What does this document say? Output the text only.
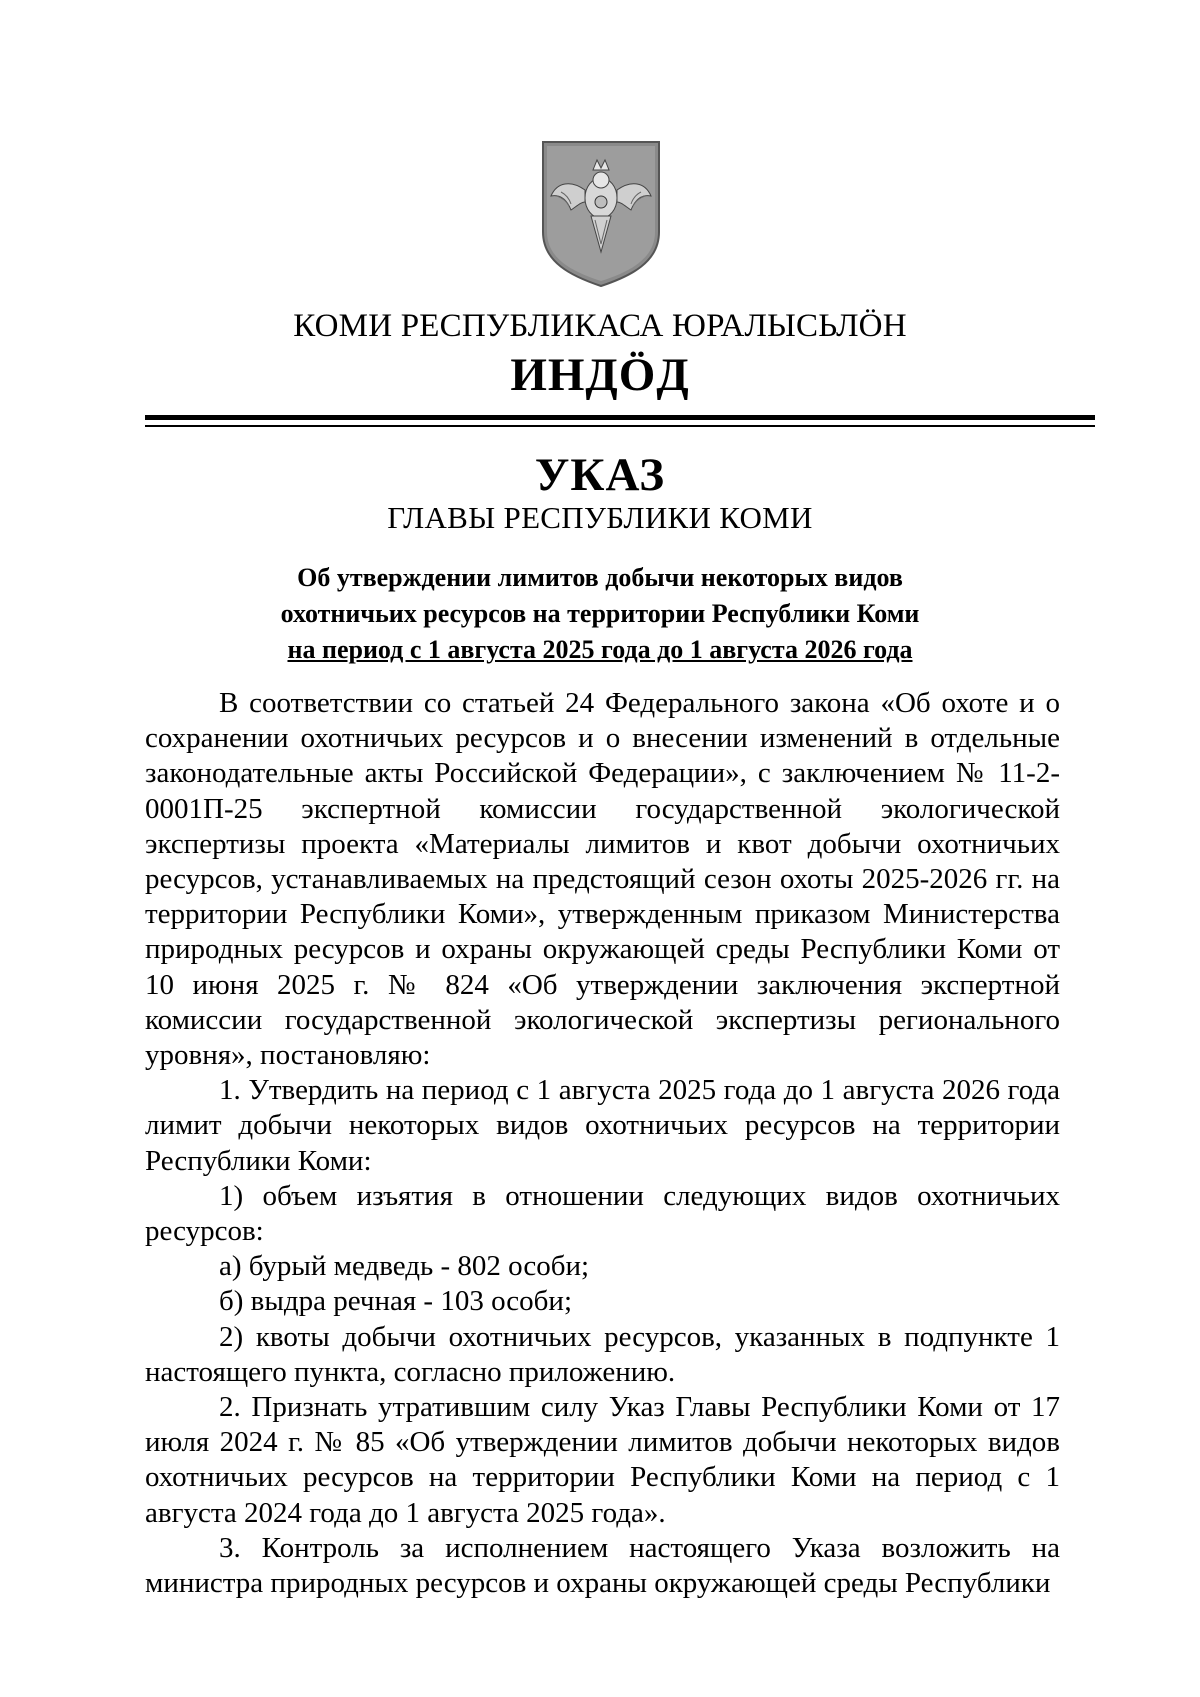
КОМИ РЕСПУБЛИКАСА ЮРАЛЫСЬЛӦН
ИНДӦД
УКАЗ
ГЛАВЫ РЕСПУБЛИКИ КОМИ
Об утверждении лимитов добычи некоторых видов
охотничьих ресурсов на территории Республики Коми
на период с 1 августа 2025 года до 1 августа 2026 года

В соответствии со статьей 24 Федерального закона «Об охоте и о сохранении охотничьих ресурсов и о внесении изменений в отдельные законодательные акты Российской Федерации», с заключением № 11-2-0001П-25 экспертной комиссии государственной экологической экспертизы проекта «Материалы лимитов и квот добычи охотничьих ресурсов, устанавливаемых на предстоящий сезон охоты 2025-2026 гг. на территории Республики Коми», утвержденным приказом Министерства природных ресурсов и охраны окружающей среды Республики Коми от 10 июня 2025 г. № 824 «Об утверждении заключения экспертной комиссии государственной экологической экспертизы регионального уровня», постановляю:

1. Утвердить на период с 1 августа 2025 года до 1 августа 2026 года лимит добычи некоторых видов охотничьих ресурсов на территории Республики Коми:

1) объем изъятия в отношении следующих видов охотничьих ресурсов:

а) бурый медведь - 802 особи;

б) выдра речная - 103 особи;

2) квоты добычи охотничьих ресурсов, указанных в подпункте 1 настоящего пункта, согласно приложению.

2. Признать утратившим силу Указ Главы Республики Коми от 17 июля 2024 г. № 85 «Об утверждении лимитов добычи некоторых видов охотничьих ресурсов на территории Республики Коми на период с 1 августа 2024 года до 1 августа 2025 года».

3. Контроль за исполнением настоящего Указа возложить на министра природных ресурсов и охраны окружающей среды Республики
